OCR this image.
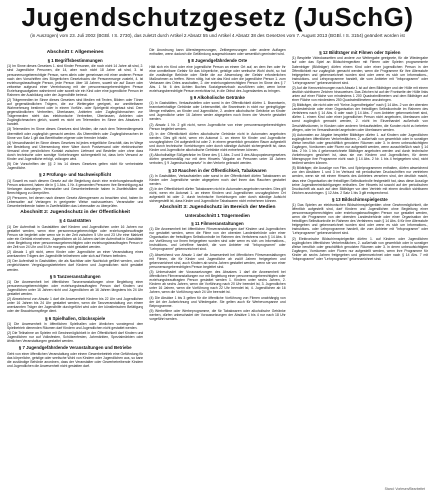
Jugendschutzgesetz (JuSchG)
(in Auszügen) vom 23. Juli 2002 (BGBl. I S. 2730), das zuletzt durch Artikel 2 Absatz 55 und Artikel 4 Absatz 38 des Gesetzes vom 7. August 2013 (BGBl. I S. 3154) geändert worden ist
Abschnitt I: Allgemeines
§ 1 Begriffsbestimmungen
(1) Im Sinne dieses Gesetzes 1. sind Kinder Personen, die noch nicht 14 Jahre alt sind, 2. sind Jugendliche Personen, die 14, aber noch nicht 18 Jahre alt sind, 3. ist personensorgeberechtigte Person, wem allein oder gemeinsam mit einer anderen Person nach den Vorschriften des Bürgerlichen Gesetzbuchs die Personensorge zusteht, 4. ist erziehungsbeauftragte Person, jede Person über 18 Jahren, soweit sie auf Dauer oder zeitweise aufgrund einer Vereinbarung mit der personensorgeberechtigten Person Erziehungsaufgaben wahrnimmt oder soweit sie ein Kind oder eine jugendliche Person im Rahmen der Ausbildung oder der Jugendhilfe betreut.
(2) Trägermedien im Sinne dieses Gesetzes sind Medien mit Texten, Bildern oder Tönen auf gegenständlichen Trägern, die zur Weitergabe geeignet, zur unmittelbaren Wahrnehmung bestimmt oder in einem Vorführ- oder Spielgerät eingebaut sind. Dem gegenständlichen Verbreiten, Überlassen, Anbieten oder Zugänglichmachen von Trägermedien steht das elektronische Verbreiten, Überlassen, Anbieten oder Zugänglichmachen gleich, soweit es nicht um Telemedien im Sinne des Absatzes 3 handelt.
(3) Telemedien im Sinne dieses Gesetzes sind Medien, die nach dem Telemediengesetz übermittelt oder zugänglich gemacht werden. Als Übermitteln oder Zugänglichmachen im Sinne von Satz 1 gilt das Bereithalten eigener oder fremder Inhalte.
(4) Versandhandel im Sinne dieses Gesetzes ist jedes entgeltliche Geschäft, das im Wege der Bestellung und Übersendung einer Ware durch Postversand oder elektronischen Versand ohne persönlichen Kontakt zwischen Lieferant und Besteller oder ohne dass durch technische oder sonstige Vorkehrungen sichergestellt ist, dass kein Versand an Kinder und Jugendliche erfolgt, vollzogen wird.
(5) Die Vorschriften der §§ 2 bis 14 dieses Gesetzes gelten nicht für verheiratete Jugendliche.
§ 2 Prüfungs- und Nachweispflicht
(1) Soweit es nach diesem Gesetz auf die Begleitung durch eine erziehungsbeauftragte Person ankommt, haben die in § 1 Abs. 1 Nr. 4 genannten Personen ihre Berechtigung auf Verlangen darzulegen. Veranstalter und Gewerbetreibende haben in Zweifelsfällen die Berechtigung zu überprüfen.
(2) Personen, bei denen nach diesem Gesetz Altersgrenzen zu beachten sind, haben ihr Lebensalter auf Verlangen in geeigneter Weise nachzuweisen. Veranstalter und Gewerbetreibende haben in Zweifelsfällen das Lebensalter zu überprüfen.
Abschnitt 2: Jugendschutz in der Öffentlichkeit
§ 4 Gaststätten
(1) Der Aufenthalt in Gaststätten darf Kindern und Jugendlichen unter 16 Jahren nur gestattet werden, wenn eine personensorgeberechtigte oder erziehungsbeauftragte Person sie begleitet oder wenn sie in der Zeit zwischen 5 Uhr und 23 Uhr eine Mahlzeit oder ein Getränk einnehmen. Jugendlichen ab 16 Jahren darf der Aufenthalt in Gaststätten ohne Begleitung einer personensorgeberechtigten oder erziehungsbeauftragten Person in der Zeit von 24 Uhr und 5 Uhr morgens nicht gestattet werden.
(2) Absatz 1 gilt nicht, wenn Kinder oder Jugendliche an einer Veranstaltung eines anerkannten Trägers der Jugendhilfe teilnehmen oder sich auf Reisen befinden.
(3) Der Aufenthalt in Gaststätten, die als Nachtbar oder Nachtclub geführt werden, und in vergleichbaren Vergnügungsbetrieben darf Kindern und Jugendlichen nicht gestattet werden.
§ 5 Tanzveranstaltungen
(1) Die Anwesenheit bei öffentlichen Tanzveranstaltungen ohne Begleitung einer personensorgeberechtigten oder erziehungsbeauftragten Person darf Kindern und Jugendlichen unter 16 Jahren nicht und Jugendlichen ab 16 Jahren längstens bis 24 Uhr gestattet werden.
(2) Abweichend von Absatz 1 darf die Anwesenheit Kindern bis 22 Uhr und Jugendlichen unter 16 Jahren bis 24 Uhr gestattet werden, wenn die Tanzveranstaltung von einem anerkannten Träger der Jugendhilfe durchgeführt wird oder der künstlerischen Betätigung oder der Brauchtumspflege dient.
§ 6 Spielhallen, Glücksspiele
(1) Die Anwesenheit in öffentlichen Spielhallen oder ähnlichen vorwiegend dem Spielbetrieb dienenden Räumen darf Kindern und Jugendlichen nicht gestattet werden.
(2) Die Teilnahme an Spielen mit Gewinnmöglichkeit in der Öffentlichkeit darf Kindern und Jugendlichen nur auf Volksfesten, Schützenfesten, Jahrmärkten, Spezialmärkten oder ähnlichen Veranstaltungen gestattet werden.
§ 7 Jugendgefährdende Veranstaltungen und Betriebe
Geht von einer öffentlichen Veranstaltung oder einem Gewerbebetrieb eine Gefährdung für das körperliche, geistige oder seelische Wohl von Kindern oder Jugendlichen aus, so kann die zuständige Behörde anordnen, dass der Veranstalter oder Gewerbetreibende Kindern und Jugendlichen die Anwesenheit nicht gestatten darf.
Die Anordnung kann Altersbegrenzungen, Zeitbegrenzungen oder andere Auflagen enthalten, wenn dadurch die Gefährdung ausgeschlossen oder wesentlich gemindert wird.
§ 8 Jugendgefährdende Orte
Hält sich ein Kind oder eine jugendliche Person an einem Ort auf, an dem ihm oder ihr eine unmittelbare Gefahr für das körperliche, geistige oder seelische Wohl droht, so hat die zuständige Behörde oder Stelle die zur Abwendung der Gefahr erforderlichen Maßnahmen zu treffen. Wenn nötig, hat sie das Kind oder die jugendliche Person 1. zum Verlassen des Ortes anzuhalten, 2. der erziehungsberechtigten Person im Sinne des § 7 Abs. 1 Nr. 6 des Achten Buches Sozialgesetzbuch zuzuführen oder, wenn keine erziehungsberechtigte Person erreichbar ist, in die Obhut des Jugendamtes zu bringen.
§ 9 Alkoholische Getränke
(1) In Gaststätten, Verkaufsstellen oder sonst in der Öffentlichkeit dürfen 1. Branntwein, branntweinhaltige Getränke oder Lebensmittel, die Branntwein in nicht nur geringfügiger Menge enthalten, an Kinder und Jugendliche, 2. andere alkoholische Getränke an Kinder und Jugendliche unter 16 Jahren weder abgegeben noch ihnen der Verzehr gestattet werden.
(2) Absatz 1 Nr. 2 gilt nicht, wenn Jugendliche von einer personensorgeberechtigten Person begleitet werden.
(3) In der Öffentlichkeit dürfen alkoholische Getränke nicht in Automaten angeboten werden. Dies gilt nicht, wenn ein Automat 1. an einem für Kinder und Jugendliche unzugänglichen Ort aufgestellt ist oder 2. in einem gewerblich genutzten Raum aufgestellt und durch technische Vorrichtungen oder durch ständige Aufsicht sichergestellt ist, dass Kinder und Jugendliche alkoholische Getränke nicht entnehmen können.
(4) Alkoholhaltige Süßgetränke im Sinne des § 1 Abs. 2 und 3 des Alkopopsteuergesetzes dürfen gewerbsmäßig nur mit dem Hinweis "Abgabe an Personen unter 18 Jahren verboten, § 9 Jugendschutzgesetz" in den Verkehr gebracht werden.
§ 10 Rauchen in der Öffentlichkeit, Tabakwaren
(1) In Gaststätten, Verkaufsstellen oder sonst in der Öffentlichkeit dürfen Tabakwaren an Kinder oder Jugendliche weder abgegeben noch darf ihnen das Rauchen gestattet werden.
(2) In der Öffentlichkeit dürfen Tabakwaren nicht in Automaten angeboten werden. Dies gilt nicht, wenn ein Automat 1. an einem Kindern und Jugendlichen unzugänglichen Ort aufgestellt ist oder 2. durch technische Vorrichtungen oder durch ständige Aufsicht sichergestellt ist, dass Kinder und Jugendliche Tabakwaren nicht entnehmen können.
Abschnitt 3: Jugendschutz im Bereich der Medien
Unterabschnitt 1 Trägermedien
§ 11 Filmveranstaltungen
(1) Die Anwesenheit bei öffentlichen Filmveranstaltungen darf Kindern und Jugendlichen nur gestattet werden, wenn die Filme von der obersten Landesbehörde oder einer Organisation der freiwilligen Selbstkontrolle im Rahmen des Verfahrens nach § 14 Abs. 6 zur Vorführung vor ihnen freigegeben worden sind oder wenn es sich um Informations-, Instruktions- und Lehrfilme handelt, die vom Anbieter mit "Infoprogramm" oder "Lehrprogramm" gekennzeichnet sind.
(2) Abweichend von Absatz 1 darf die Anwesenheit bei öffentlichen Filmveranstaltungen mit Filmen, die für Kinder und Jugendliche ab zwölf Jahren freigegeben und gekennzeichnet sind, auch Kindern ab sechs Jahren gestattet werden, wenn sie von einer personensorgeberechtigten Person begleitet sind.
(3) Unbeschadet der Voraussetzungen des Absatzes 1 darf die Anwesenheit bei öffentlichen Filmveranstaltungen nur mit Begleitung einer personensorgeberechtigten oder erziehungsbeauftragten Person gestattet werden 1. Kindern unter sechs Jahren, 2. Kindern ab sechs Jahren, wenn die Vorführung nach 20 Uhr beendet ist, 3. Jugendlichen unter 16 Jahren, wenn die Vorführung nach 22 Uhr beendet ist, 4. Jugendlichen ab 16 Jahren, wenn die Vorführung nach 24 Uhr beendet ist.
(4) Die Absätze 1 bis 3 gelten für die öffentliche Vorführung von Filmen unabhängig von der Art der Aufzeichnung und Wiedergabe. Sie gelten auch für Werbevorspanne und Beiprogramme.
(5) Werbefilme oder Werbeprogramme, die für Tabakwaren oder alkoholische Getränke werben, dürfen unbeschadet der Voraussetzungen der Absätze 1 bis 4 nur nach 18 Uhr vorgeführt werden.
§ 12 Bildträger mit Filmen oder Spielen
(1) Bespielte Videokassetten und andere zur Weitergabe geeignete, für die Wiedergabe auf oder das Spiel an Bildschirmgeräten mit Filmen oder Spielen programmierte Datenträger (Bildträger) dürfen einem Kind oder einer jugendlichen Person in der Öffentlichkeit nur zugänglich gemacht werden, wenn die Programme für ihre Altersstufe freigegeben und gekennzeichnet worden sind oder wenn es sich um Informations-, Instruktions- und Lehrprogramme handelt, die vom Anbieter mit "Infoprogramm" oder "Lehrprogramm" gekennzeichnet sind.
(2) Auf die Kennzeichnungen nach Absatz 1 ist auf dem Bildträger und der Hülle mit einem deutlich sichtbaren Zeichen hinzuweisen. Das Zeichen ist auf der Frontseite der Hülle links unten auf einer Fläche von mindestens 1 200 Quadratmillimetern und dem Bildträger auf einer Fläche von mindestens 250 Quadratmillimetern anzubringen.
(3) Bildträger, die nicht oder mit "Keine Jugendfreigabe" nach § 14 Abs. 2 von der obersten Landesbehörde oder einer Organisation der freiwilligen Selbstkontrolle im Rahmen des Verfahrens nach § 14 Abs. 6 oder nach § 14 Abs. 7 vom Anbieter gekennzeichnet sind, dürfen 1. einem Kind oder einer jugendlichen Person nicht angeboten, überlassen oder sonst zugänglich gemacht werden, 2. nicht im Einzelhandel außerhalb von Geschäftsräumen, in Kiosken oder anderen Verkaufsstellen, die Kunden nicht zu betreten pflegen, oder im Versandhandel angeboten oder überlassen werden.
(4) Automaten zur Abgabe bespielter Bildträger dürfen 1. auf Kindern oder Jugendlichen zugänglichen öffentlichen Verkehrsflächen, 2. außerhalb von gewerblich oder in sonstiger Weise beruflich oder geschäftlich genutzten Räumen oder 3. in deren unbeaufsichtigten Zugängen, Vorräumen oder Fluren nur aufgestellt werden, wenn ausschließlich nach § 14 Abs. 2 Nr. 1 bis 4 gekennzeichnete Bildträger angeboten werden und durch technische Vorkehrungen gesichert ist, dass sie von Kindern und Jugendlichen, für deren Altersgruppe ihre Programme nicht nach § 14 Abs. 2 Nr. 1 bis 4 freigegeben sind, nicht bedient werden können.
(5) Bildträger, die Auszüge von Film- und Spielprogrammen enthalten, dürfen abweichend von den Absätzen 1 und 3 im Verbund mit periodischen Druckschriften nur vertrieben werden, wenn sie mit einem Hinweis des Anbieters versehen sind, der deutlich macht, dass eine Organisation der freiwilligen Selbstkontrolle festgestellt hat, dass diese Auszüge keine Jugendbeeinträchtigungen enthalten. Der Hinweis ist sowohl auf der periodischen Druckschrift als auch auf dem Bildträger vor dem Vertrieb mit einem deutlich sichtbaren Zeichen anzubringen. § 12 Abs. 2 Satz 1 bis 3 gilt entsprechend.
§ 13 Bildschirmspielgeräte
(1) Das Spielen an elektronischen Bildschirmspielgeräten ohne Gewinnmöglichkeit, die öffentlich aufgestellt sind, darf Kindern und Jugendlichen ohne Begleitung einer personensorgeberechtigten oder erziehungsbeauftragten Person nur gestattet werden, wenn die Programme von der obersten Landesbehörde oder einer Organisation der freiwilligen Selbstkontrolle im Rahmen des Verfahrens nach § 14 Abs. 6 für ihre Altersstufe freigegeben und gekennzeichnet worden sind oder wenn es sich um Informations-, Instruktions- oder Lehrprogramme handelt, die vom Anbieter mit "Infoprogramm" oder "Lehrprogramm" gekennzeichnet sind.
(2) Elektronische Bildschirmspielgeräte dürfen 1. auf Kindern oder Jugendlichen zugänglichen öffentlichen Verkehrsflächen, 2. außerhalb von gewerblich oder in sonstiger Weise beruflich oder geschäftlich genutzten Räumen oder 3. in deren unbeaufsichtigten Zugängen, Vorräumen oder Fluren nur aufgestellt werden, wenn ihre Programme für Kinder ab sechs Jahren freigegeben und gekennzeichnet oder nach § 14 Abs. 7 mit "Infoprogramm" oder "Lehrprogramm" gekennzeichnet sind.
Stand: Vorlesen/Bearbeitet
